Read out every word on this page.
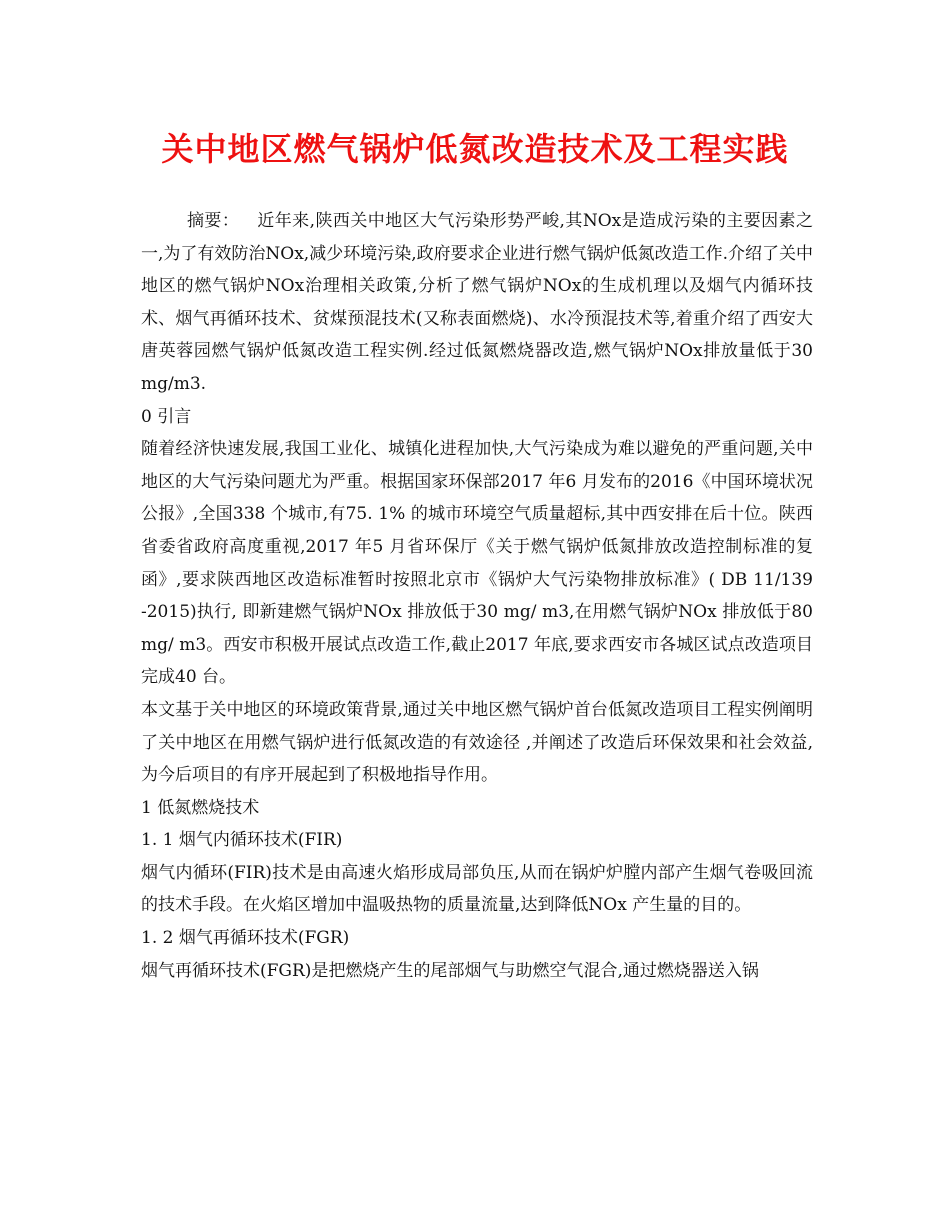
关中地区燃气锅炉低氮改造技术及工程实践

摘要： 近年来,陕西关中地区大气污染形势严峻,其NOx是造成污染的主要因素之一,为了有效防治NOx,减少环境污染,政府要求企业进行燃气锅炉低氮改造工作.介绍了关中地区的燃气锅炉NOx治理相关政策,分析了燃气锅炉NOx的生成机理以及烟气内循环技术、烟气再循环技术、贫煤预混技术(又称表面燃烧)、水冷预混技术等,着重介绍了西安大唐英蓉园燃气锅炉低氮改造工程实例.经过低氮燃烧器改造,燃气锅炉NOx排放量低于30 mg/m3.

0 引言

随着经济快速发展,我国工业化、城镇化进程加快,大气污染成为难以避免的严重问题,关中地区的大气污染问题尤为严重。根据国家环保部2017 年6 月发布的2016《中国环境状况公报》,全国338 个城市,有75. 1% 的城市环境空气质量超标,其中西安排在后十位。陕西省委省政府高度重视,2017 年5 月省环保厅《关于燃气锅炉低氮排放改造控制标准的复函》,要求陕西地区改造标准暂时按照北京市《锅炉大气污染物排放标准》( DB 11/139 -2015)执行, 即新建燃气锅炉NOx 排放低于30 mg/ m3,在用燃气锅炉NOx 排放低于80 mg/ m3。西安市积极开展试点改造工作,截止2017 年底,要求西安市各城区试点改造项目完成40 台。

本文基于关中地区的环境政策背景,通过关中地区燃气锅炉首台低氮改造项目工程实例阐明了关中地区在用燃气锅炉进行低氮改造的有效途径 ,并阐述了改造后环保效果和社会效益,为今后项目的有序开展起到了积极地指导作用。

1 低氮燃烧技术

1. 1 烟气内循环技术(FIR)

烟气内循环(FIR)技术是由高速火焰形成局部负压,从而在锅炉炉膛内部产生烟气卷吸回流的技术手段。在火焰区增加中温吸热物的质量流量,达到降低NOx 产生量的目的。

1. 2 烟气再循环技术(FGR)

烟气再循环技术(FGR)是把燃烧产生的尾部烟气与助燃空气混合,通过燃烧器送入锅
